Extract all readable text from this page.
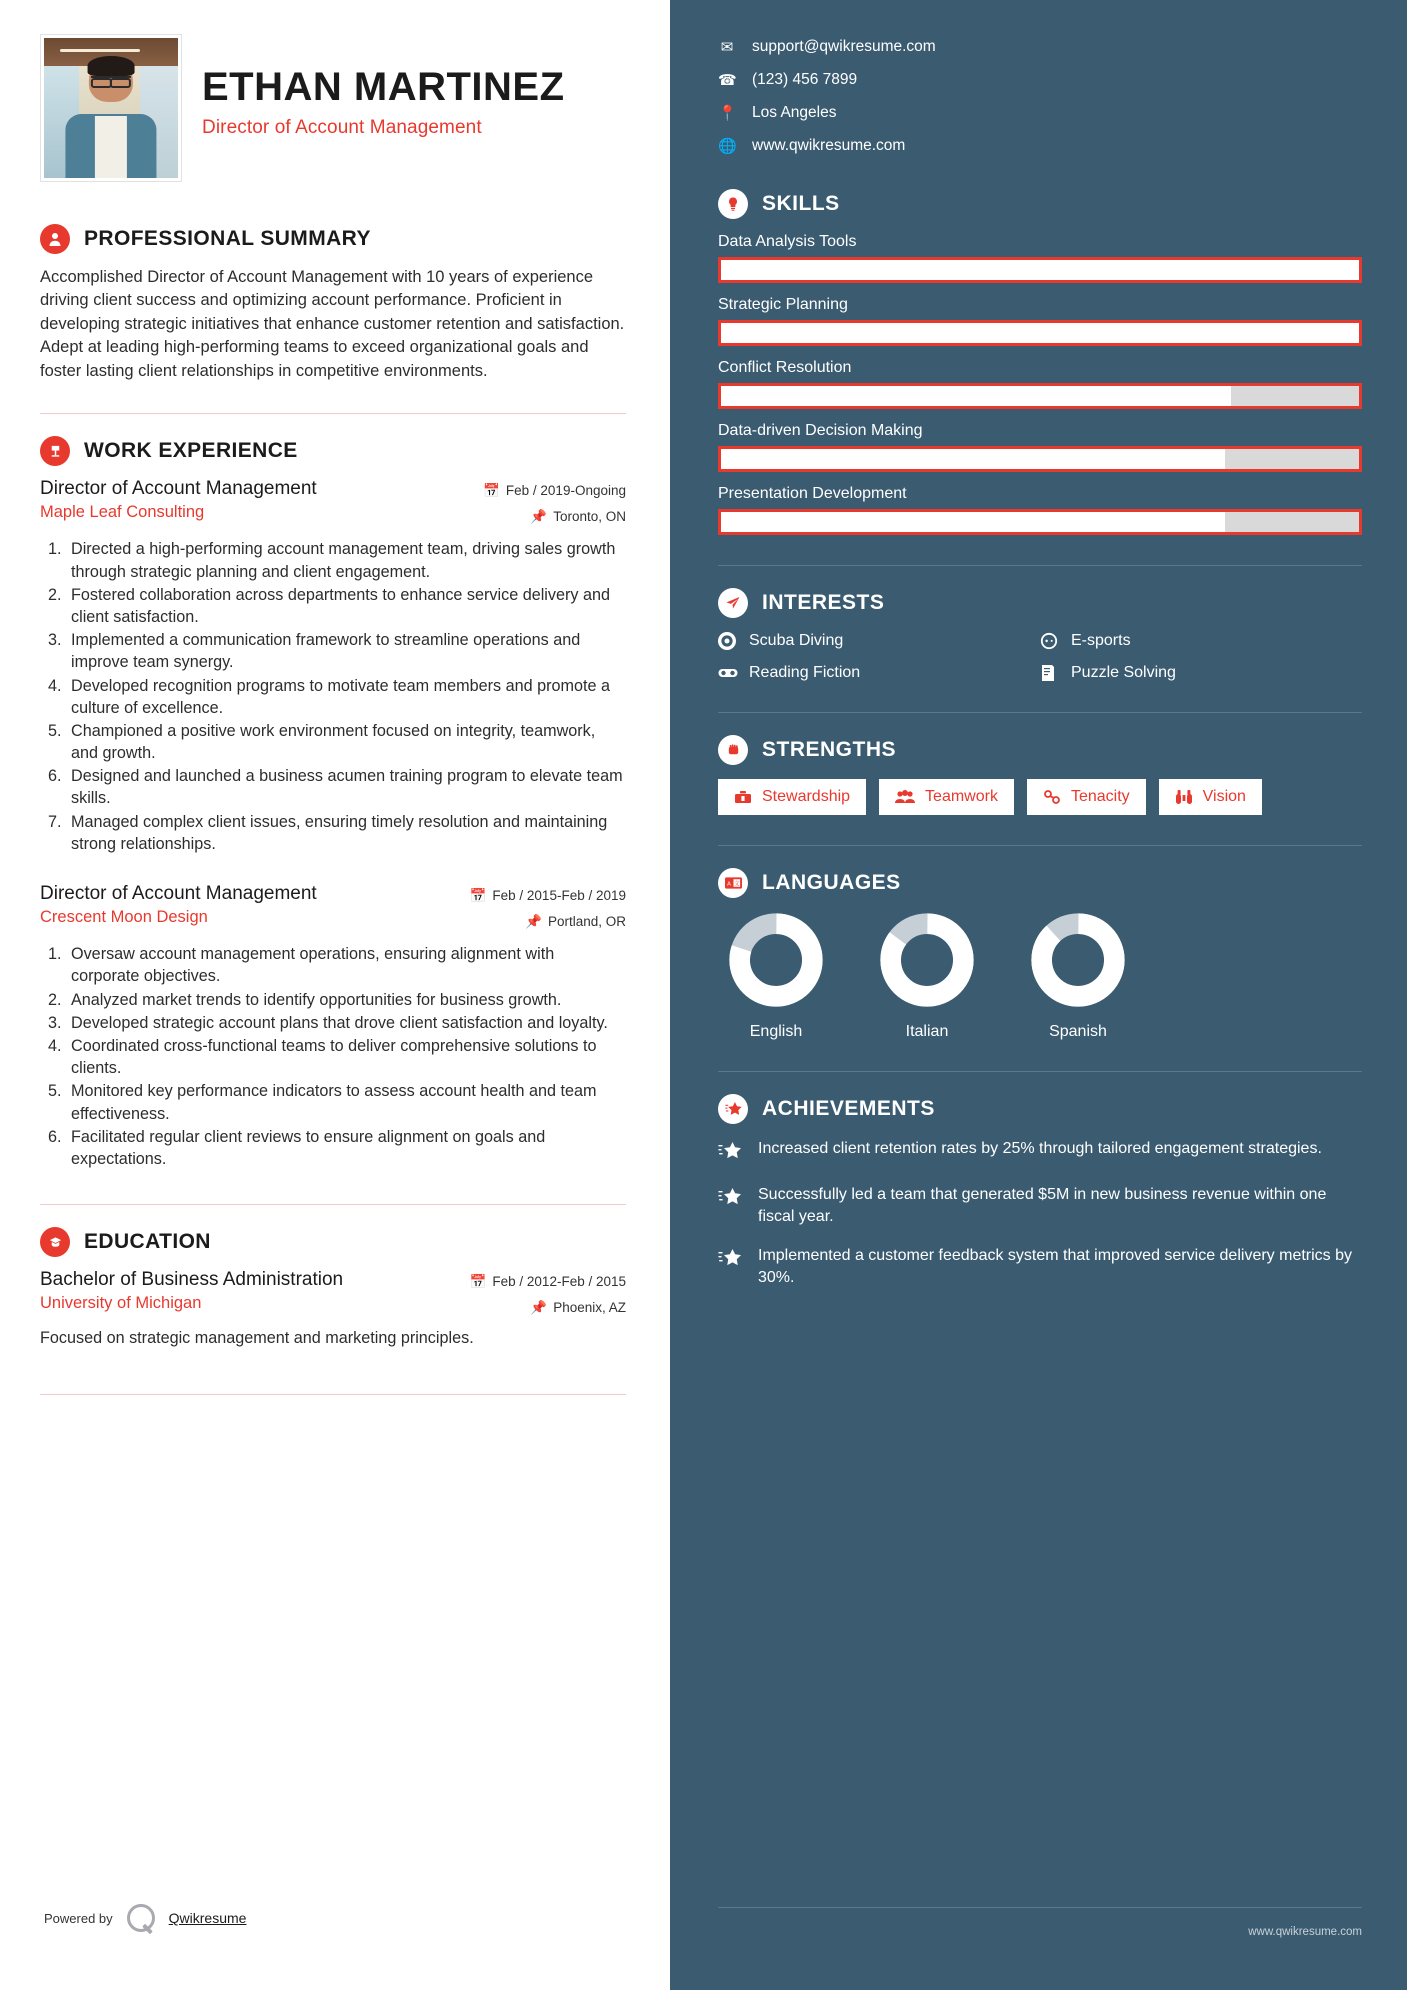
ETHAN MARTINEZ
Director of Account Management
PROFESSIONAL SUMMARY
Accomplished Director of Account Management with 10 years of experience driving client success and optimizing account performance. Proficient in developing strategic initiatives that enhance customer retention and satisfaction. Adept at leading high-performing teams to exceed organizational goals and foster lasting client relationships in competitive environments.
WORK EXPERIENCE
Director of Account Management	📅 Feb / 2019-Ongoing
📌 Toronto, ON
Maple Leaf Consulting
1. Directed a high-performing account management team, driving sales growth through strategic planning and client engagement.
2. Fostered collaboration across departments to enhance service delivery and client satisfaction.
3. Implemented a communication framework to streamline operations and improve team synergy.
4. Developed recognition programs to motivate team members and promote a culture of excellence.
5. Championed a positive work environment focused on integrity, teamwork, and growth.
6. Designed and launched a business acumen training program to elevate team skills.
7. Managed complex client issues, ensuring timely resolution and maintaining strong relationships.
Director of Account Management	📅 Feb / 2015-Feb / 2019
📌 Portland, OR
Crescent Moon Design
1. Oversaw account management operations, ensuring alignment with corporate objectives.
2. Analyzed market trends to identify opportunities for business growth.
3. Developed strategic account plans that drove client satisfaction and loyalty.
4. Coordinated cross-functional teams to deliver comprehensive solutions to clients.
5. Monitored key performance indicators to assess account health and team effectiveness.
6. Facilitated regular client reviews to ensure alignment on goals and expectations.
EDUCATION
Bachelor of Business Administration	📅 Feb / 2012-Feb / 2015
📌 Phoenix, AZ
University of Michigan
Focused on strategic management and marketing principles.
Powered by	Qwikresume
✉ support@qwikresume.com
☎ (123) 456 7899
📍 Los Angeles
🌐 www.qwikresume.com
SKILLS
Data Analysis Tools
Strategic Planning
Conflict Resolution
Data-driven Decision Making
Presentation Development
INTERESTS
Scuba Diving	E-sports
Reading Fiction	Puzzle Solving
STRENGTHS
Stewardship	Teamwork	Tenacity	Vision
A 文 LANGUAGES
English	Italian	Spanish
ACHIEVEMENTS
Increased client retention rates by 25% through tailored engagement strategies.
Successfully led a team that generated $5M in new business revenue within one fiscal year.
Implemented a customer feedback system that improved service delivery metrics by 30%.
www.qwikresume.com
